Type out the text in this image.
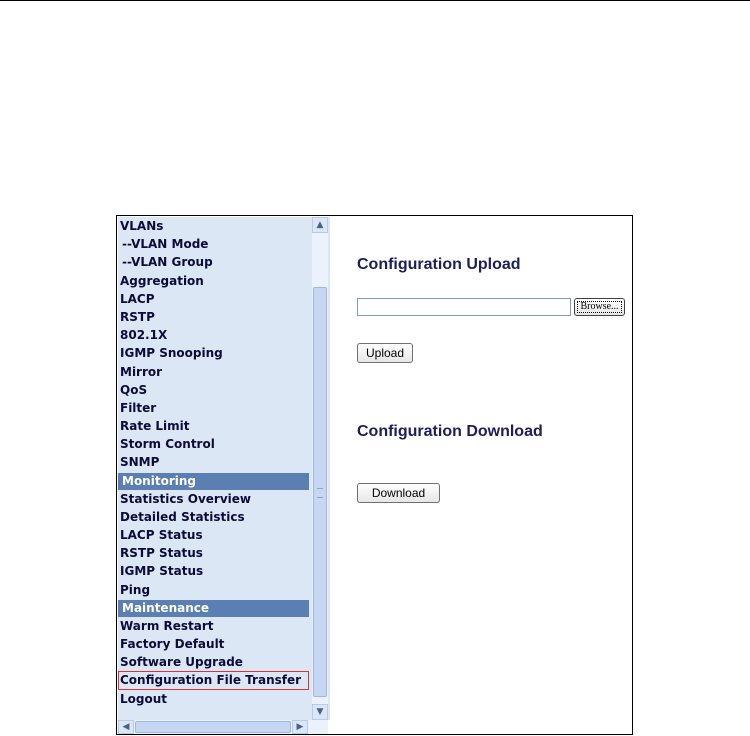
VLANs
--VLAN Mode
--VLAN Group
Aggregation
LACP
RSTP
802.1X
IGMP Snooping
Mirror
QoS
Filter
Rate Limit
Storm Control
SNMP
Monitoring
Statistics Overview
Detailed Statistics
LACP Status
RSTP Status
IGMP Status
Ping
Maintenance
Warm Restart
Factory Default
Software Upgrade
Configuration File Transfer
Logout
▲
▼
◀	▶
Configuration Upload
Browse...
Upload
Configuration Download
Download
